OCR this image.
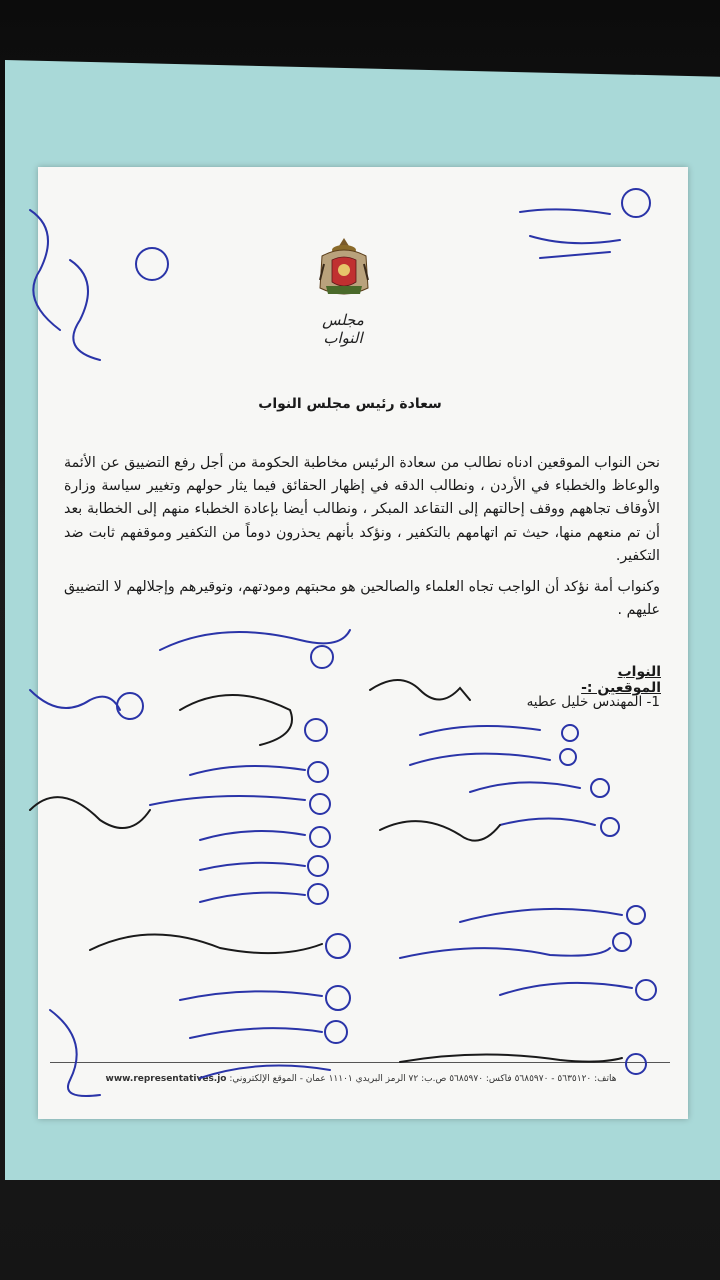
مجلس النواب
سعادة رئيس مجلس النواب

نحن النواب الموقعين ادناه نطالب من سعادة الرئيس مخاطبة الحكومة من أجل رفع التضييق عن الأئمة والوعاظ والخطباء في الأردن ، ونطالب الدقه في إظهار الحقائق فيما يثار حولهم وتغيير سياسة وزارة الأوقاف تجاههم ووقف إحالتهم إلى التقاعد المبكر ، ونطالب أيضا بإعادة الخطباء منهم إلى الخطابة بعد أن تم منعهم منها، حيث تم اتهامهم بالتكفير ، ونؤكد بأنهم يحذرون دوماً من التكفير وموقفهم ثابت ضد التكفير.

وكنواب أمة نؤكد أن الواجب تجاه العلماء والصالحين هو محبتهم ومودتهم، وتوقيرهم وإجلالهم لا التضييق عليهم .

النواب الموقعين :-
1- المهندس خليل عطيه
هاتف: ٥٦٣٥١٢٠ - ٥٦٨٥٩٧٠ فاكس: ٥٦٨٥٩٧٠ ص.ب: ٧٢ الرمز البريدي ١١١٠١ عمان - الموقع الإلكتروني: www.representatives.jo
